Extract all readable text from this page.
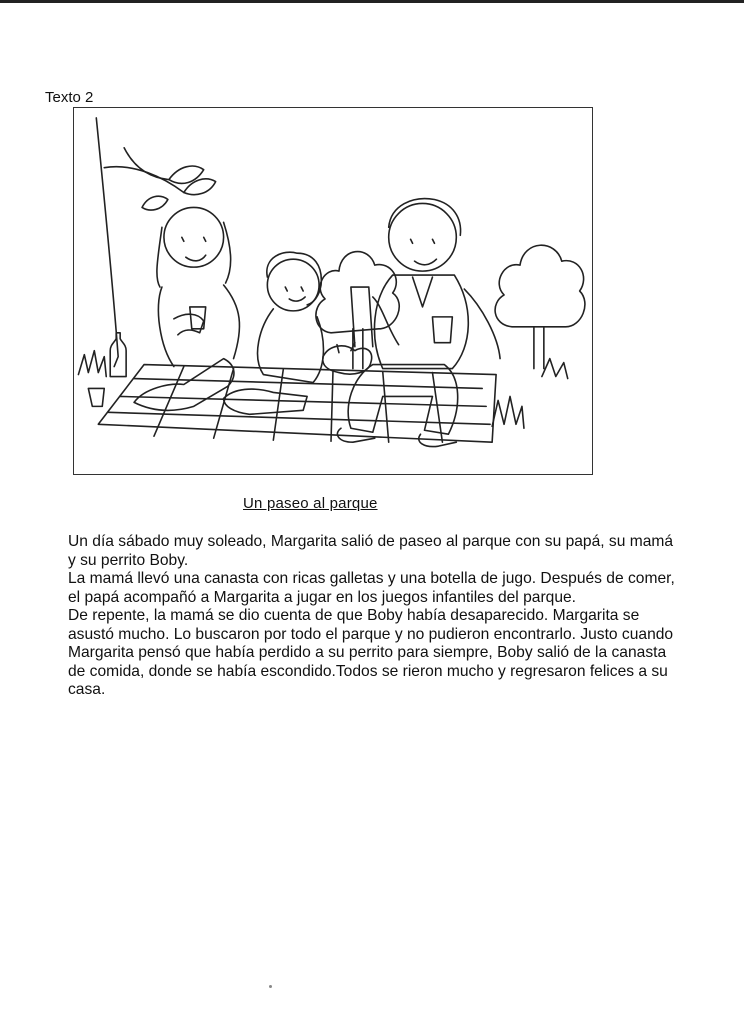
Texto 2
Un paseo al parque

Un día sábado muy soleado, Margarita salió de paseo al parque con su papá, su mamá y su perrito Boby.

La mamá llevó una canasta con ricas galletas y una botella de jugo. Después de comer, el papá acompañó a Margarita a jugar en los juegos infantiles del parque.

De repente, la mamá se dio cuenta de que Boby había desaparecido. Margarita se asustó mucho. Lo buscaron por todo el parque y no pudieron encontrarlo. Justo cuando Margarita pensó que había perdido a su perrito para siempre, Boby salió de la canasta de comida, donde se había escondido.Todos se rieron mucho y regresaron felices a su casa.
